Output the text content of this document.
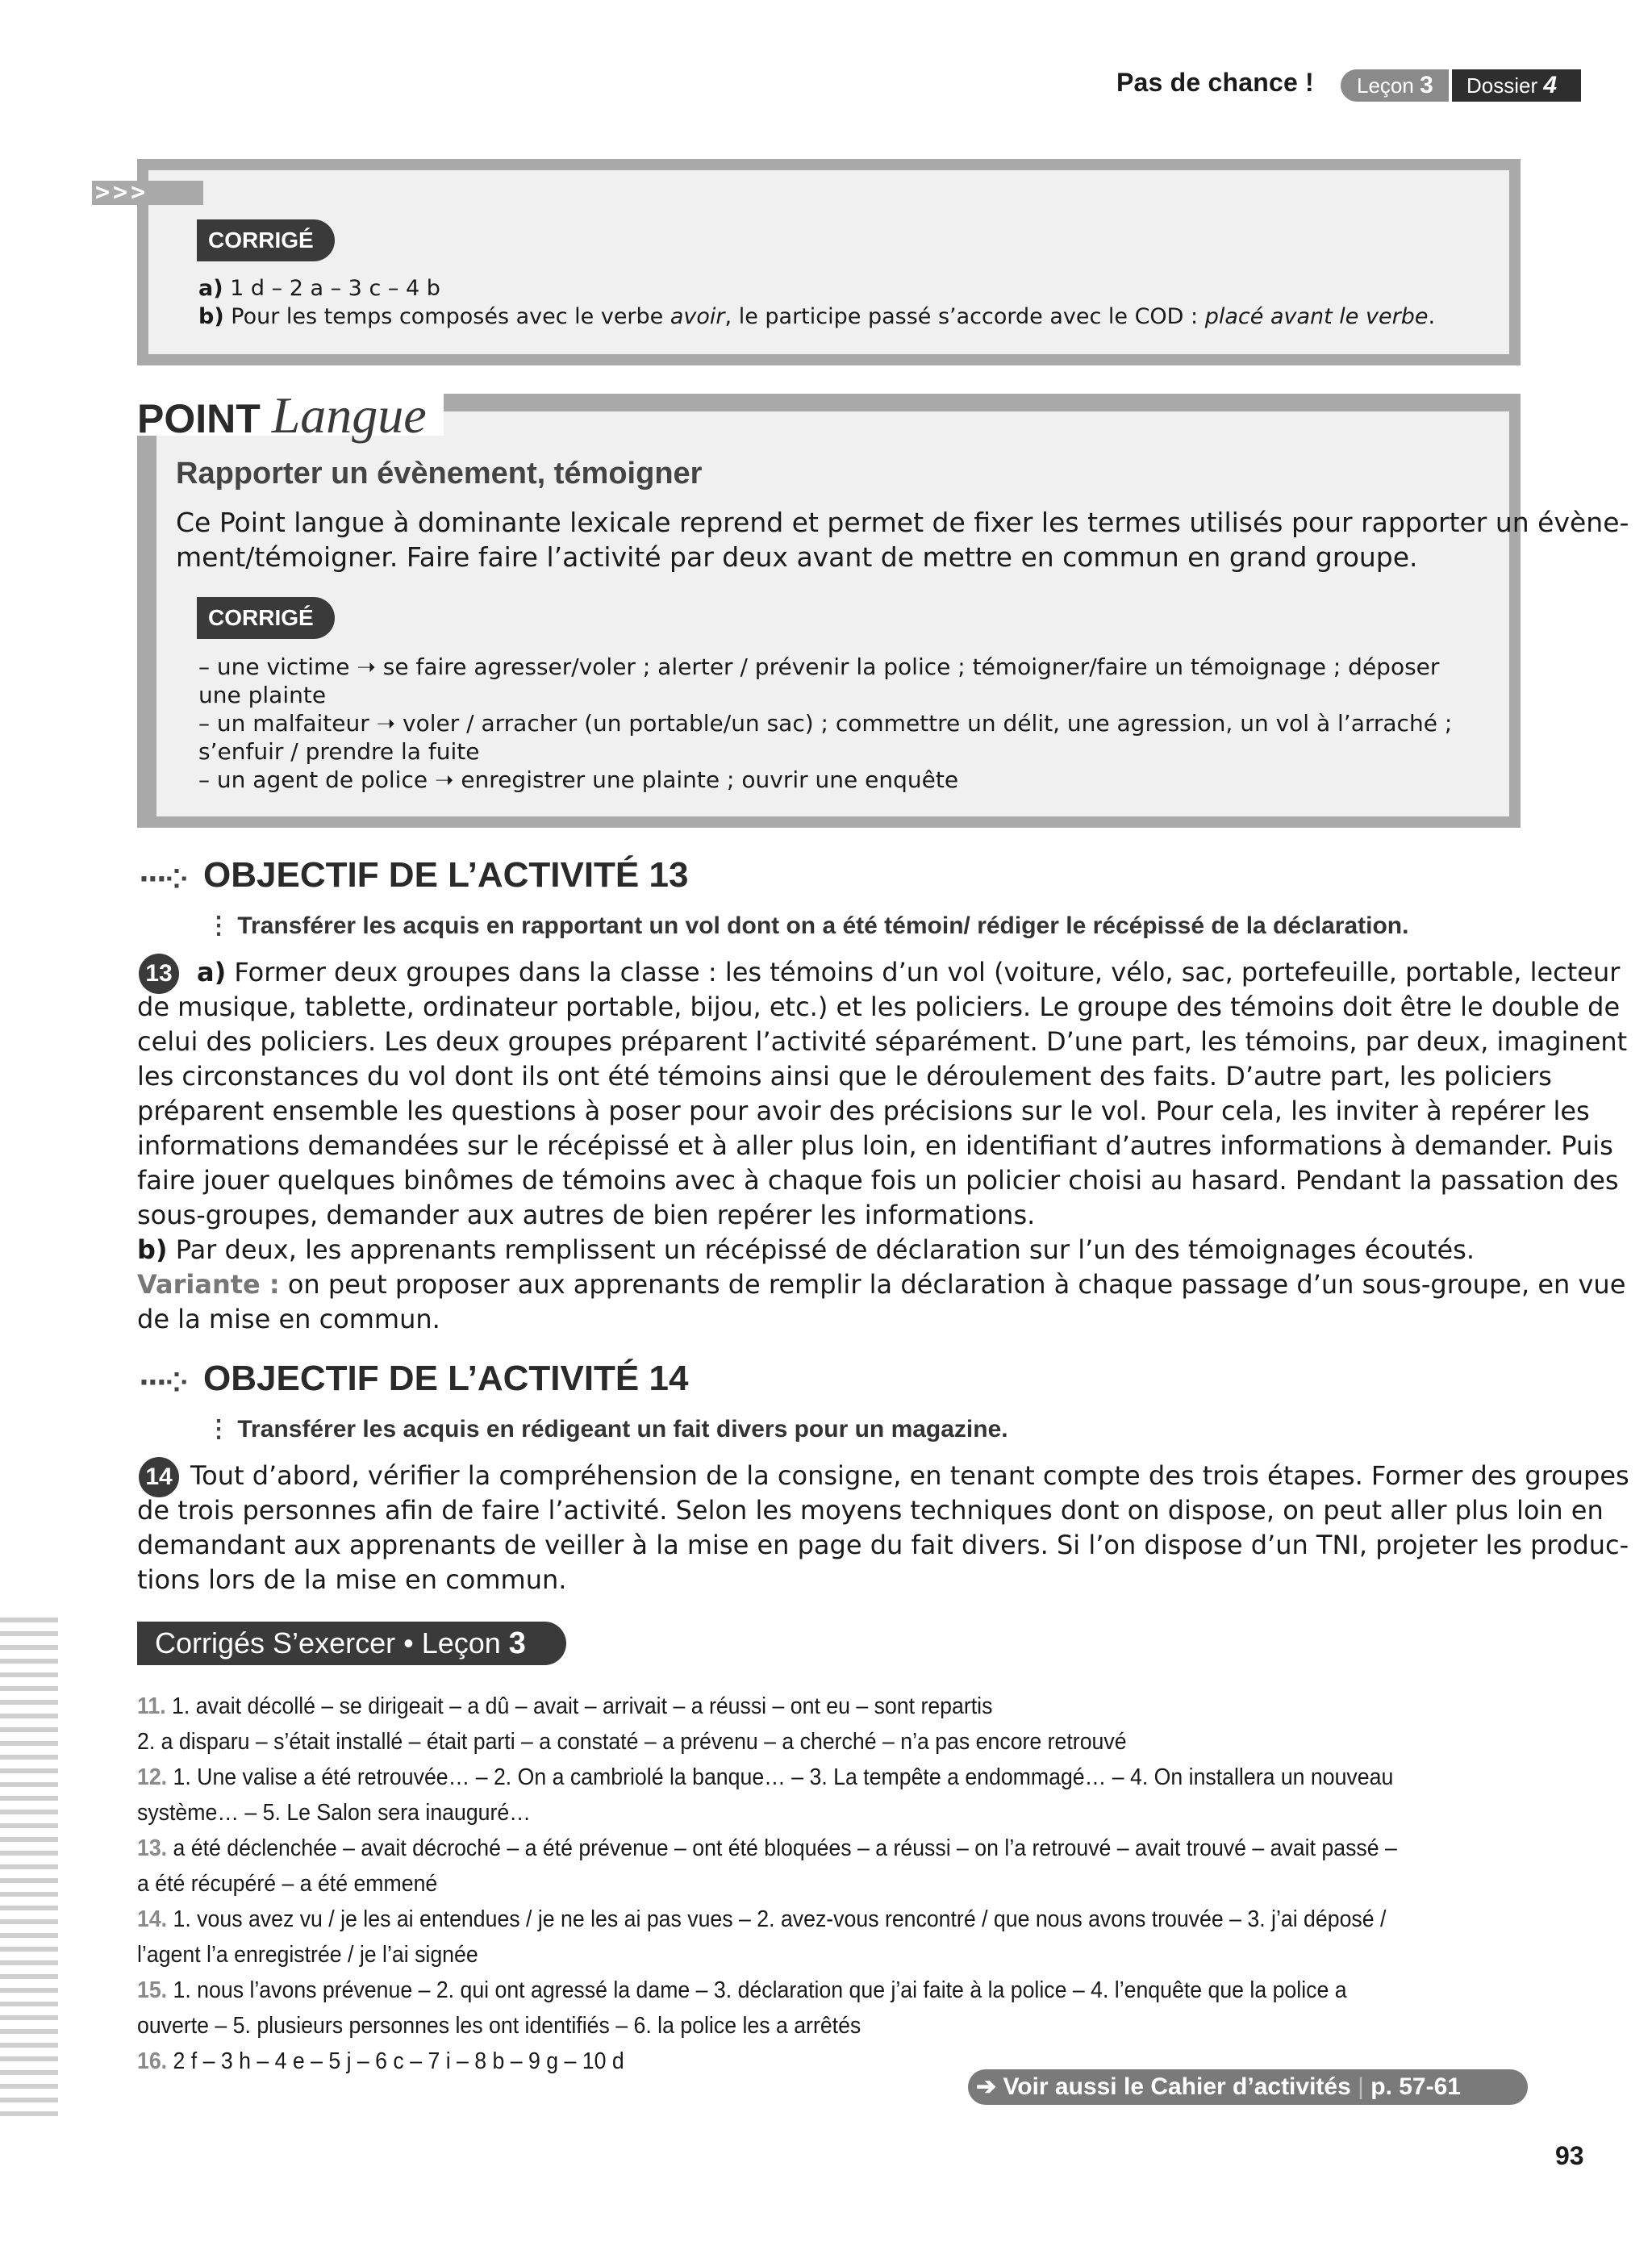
Pas de chance !	Leçon 3	Dossier 4
>>>
CORRIGÉ
a) 1 d – 2 a – 3 c – 4 b
b) Pour les temps composés avec le verbe avoir, le participe passé s’accorde avec le COD : placé avant le verbe.
POINT Langue
Rapporter un évènement, témoigner
Ce Point langue à dominante lexicale reprend et permet de fixer les termes utilisés pour rapporter un évène-
ment/témoigner. Faire faire l’activité par deux avant de mettre en commun en grand groupe.
CORRIGÉ
– une victime ➝ se faire agresser/voler ; alerter / prévenir la police ; témoigner/faire un témoignage ; déposer
une plainte
– un malfaiteur ➝ voler / arracher (un portable/un sac) ; commettre un délit, une agression, un vol à l’arraché ;
s’enfuir / prendre la fuite
– un agent de police ➝ enregistrer une plainte ; ouvrir une enquête
···⁘ OBJECTIF DE L’ACTIVITÉ 13
⋮ Transférer les acquis en rapportant un vol dont on a été témoin/ rédiger le récépissé de la déclaration.
13 a) Former deux groupes dans la classe : les témoins d’un vol (voiture, vélo, sac, portefeuille, portable, lecteur
de musique, tablette, ordinateur portable, bijou, etc.) et les policiers. Le groupe des témoins doit être le double de
celui des policiers. Les deux groupes préparent l’activité séparément. D’une part, les témoins, par deux, imaginent
les circonstances du vol dont ils ont été témoins ainsi que le déroulement des faits. D’autre part, les policiers
préparent ensemble les questions à poser pour avoir des précisions sur le vol. Pour cela, les inviter à repérer les
informations demandées sur le récépissé et à aller plus loin, en identifiant d’autres informations à demander. Puis
faire jouer quelques binômes de témoins avec à chaque fois un policier choisi au hasard. Pendant la passation des
sous-groupes, demander aux autres de bien repérer les informations.
b) Par deux, les apprenants remplissent un récépissé de déclaration sur l’un des témoignages écoutés.
Variante : on peut proposer aux apprenants de remplir la déclaration à chaque passage d’un sous-groupe, en vue
de la mise en commun.
···⁘ OBJECTIF DE L’ACTIVITÉ 14
⋮ Transférer les acquis en rédigeant un fait divers pour un magazine.
14 Tout d’abord, vérifier la compréhension de la consigne, en tenant compte des trois étapes. Former des groupes
de trois personnes afin de faire l’activité. Selon les moyens techniques dont on dispose, on peut aller plus loin en
demandant aux apprenants de veiller à la mise en page du fait divers. Si l’on dispose d’un TNI, projeter les produc-
tions lors de la mise en commun.
Corrigés S’exercer • Leçon 3
11. 1. avait décollé – se dirigeait – a dû – avait – arrivait – a réussi – ont eu – sont repartis
2. a disparu – s’était installé – était parti – a constaté – a prévenu – a cherché – n’a pas encore retrouvé
12. 1. Une valise a été retrouvée… – 2. On a cambriolé la banque… – 3. La tempête a endommagé… – 4. On installera un nouveau
système… – 5. Le Salon sera inauguré…
13. a été déclenchée – avait décroché – a été prévenue – ont été bloquées – a réussi – on l’a retrouvé – avait trouvé – avait passé –
a été récupéré – a été emmené
14. 1. vous avez vu / je les ai entendues / je ne les ai pas vues – 2. avez-vous rencontré / que nous avons trouvée – 3. j’ai déposé /
l’agent l’a enregistrée / je l’ai signée
15. 1. nous l’avons prévenue – 2. qui ont agressé la dame – 3. déclaration que j’ai faite à la police – 4. l’enquête que la police a
ouverte – 5. plusieurs personnes les ont identifiés – 6. la police les a arrêtés
16. 2 f – 3 h – 4 e – 5 j – 6 c – 7 i – 8 b – 9 g – 10 d
➔ Voir aussi le Cahier d’activités | p. 57-61
93
